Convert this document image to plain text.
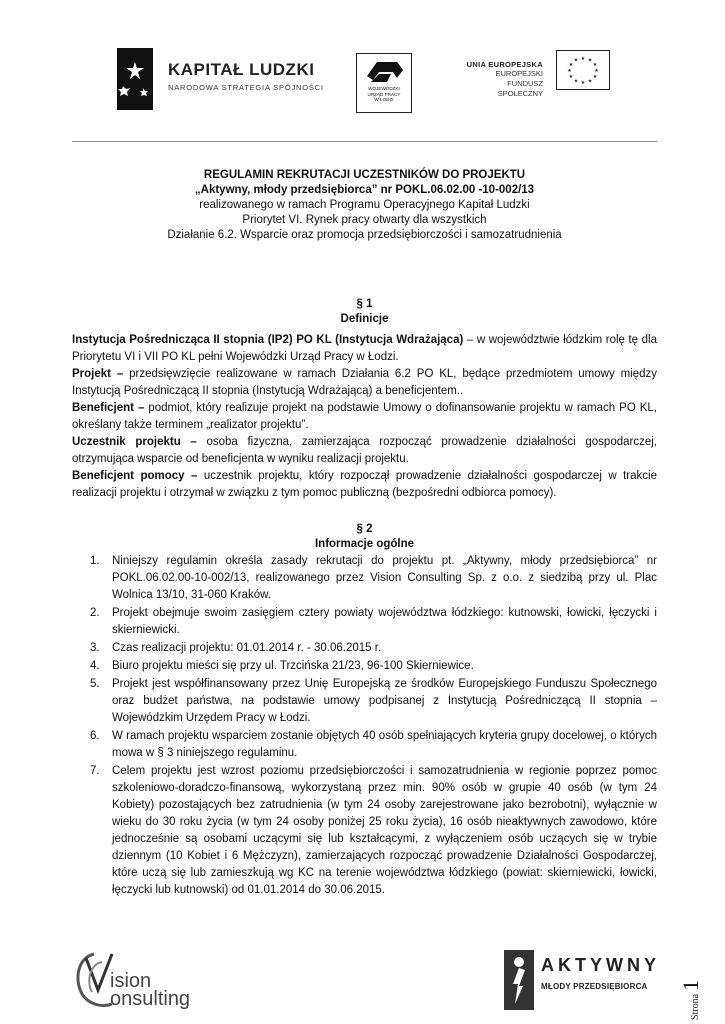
KAPITAŁ LUDZKI
NARODOWA STRATEGIA SPÓJNOŚCI	WOJEWÓDZKI
URZĄD PRACY
W ŁODZI
UNIA EUROPEJSKA
EUROPEJSKI
FUNDUSZ SPOŁECZNY
★ ★
★
★
★
★
★
★
★
★
★
★
REGULAMIN REKRUTACJI UCZESTNIKÓW DO PROJEKTU
„Aktywny, młody przedsiębiorca” nr POKL.06.02.00 -10-002/13
realizowanego w ramach Programu Operacyjnego Kapitał Ludzki
Priorytet VI. Rynek pracy otwarty dla wszystkich
Działanie 6.2. Wsparcie oraz promocja przedsiębiorczości i samozatrudnienia
§ 1
Definicje

Instytucja Pośrednicząca II stopnia (IP2) PO KL (Instytucja Wdrażająca) – w województwie łódzkim rolę tę dla Priorytetu VI i VII PO KL pełni Wojewódzki Urząd Pracy w Łodzi.

Projekt – przedsięwzięcie realizowane w ramach Działania 6.2 PO KL, będące przedmiotem umowy między Instytucją Pośredniczącą II stopnia (Instytucją Wdrażającą) a beneficjentem..

Beneficjent – podmiot, który realizuje projekt na podstawie Umowy o dofinansowanie projektu w ramach PO KL, określany także terminem „realizator projektu”.

Uczestnik projektu – osoba fizyczna, zamierzająca rozpocząć prowadzenie działalności gospodarczej, otrzymująca wsparcie od beneficjenta w wyniku realizacji projektu.

Beneficjent pomocy – uczestnik projektu, który rozpoczął prowadzenie działalności gospodarczej w trakcie realizacji projektu i otrzymał w związku z tym pomoc publiczną (bezpośredni odbiorca pomocy).

§ 2
Informacje ogólne
1. Niniejszy regulamin określa zasady rekrutacji do projektu pt. „Aktywny, młody przedsiębiorca” nr POKL.06.02.00-10-002/13, realizowanego przez Vision Consulting Sp. z o.o. z siedzibą przy ul. Plac Wolnica 13/10, 31-060 Kraków.
2. Projekt obejmuje swoim zasięgiem cztery powiaty województwa łódzkiego: kutnowski, łowicki, łęczycki i skierniewicki.
3. Czas realizacji projektu: 01.01.2014 r. - 30.06.2015 r.
4. Biuro projektu mieści się przy ul. Trzcińska 21/23, 96-100 Skierniewice.
5. Projekt jest współfinansowany przez Unię Europejską ze środków Europejskiego Funduszu Społecznego oraz budżet państwa, na podstawie umowy podpisanej z Instytucją Pośredniczącą II stopnia – Wojewódzkim Urzędem Pracy w Łodzi.
6. W ramach projektu wsparciem zostanie objętych 40 osób spełniających kryteria grupy docelowej, o których mowa w § 3 niniejszego regulaminu.
7. Celem projektu jest wzrost poziomu przedsiębiorczości i samozatrudnienia w regionie poprzez pomoc szkoleniowo-doradczo-finansową, wykorzystaną przez min. 90% osób w grupie 40 osób (w tym 24 Kobiety) pozostających bez zatrudnienia (w tym 24 osoby zarejestrowane jako bezrobotni), wyłącznie w wieku do 30 roku życia (w tym 24 osoby poniżej 25 roku życia), 16 osób nieaktywnych zawodowo, które jednocześnie są osobami uczącymi się lub kształcącymi, z wyłączeniem osób uczących się w trybie dziennym (10 Kobiet i 6 Mężczyzn), zamierzających rozpocząć prowadzenie Działalności Gospodarczej, które uczą się lub zamieszkują wg KC na terenie województwa łódzkiego (powiat: skierniewicki, łowicki, łęczycki lub kutnowski) od 01.01.2014 do 30.06.2015.
Strona1
ision
onsulting
AKTYWNY
MŁODY PRZEDSIĘBIORCA
